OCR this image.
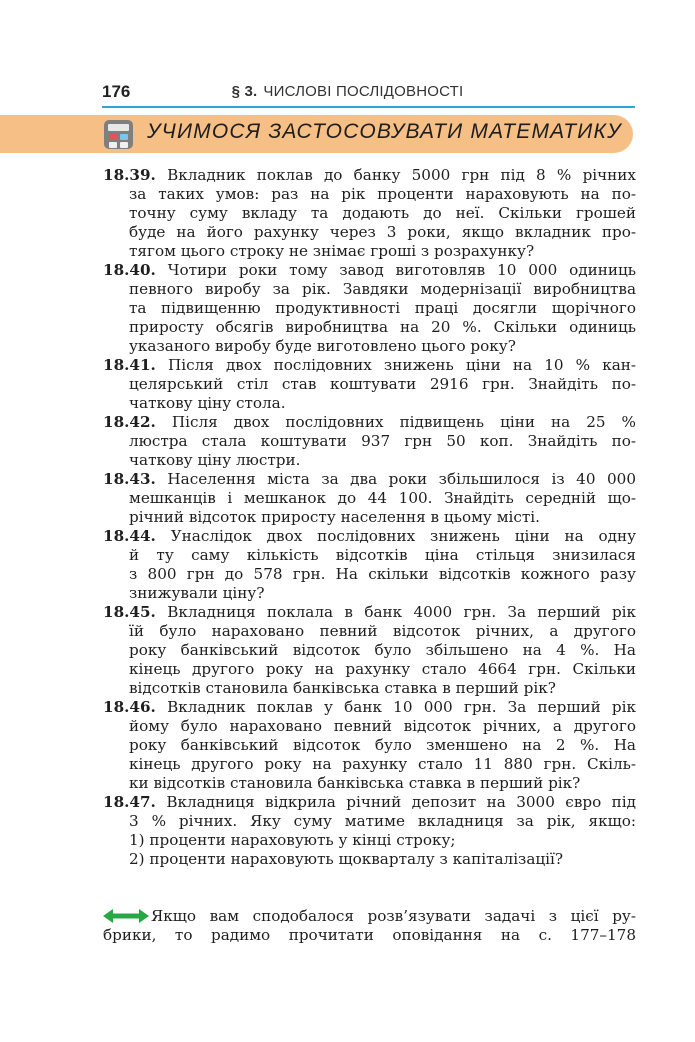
176	§ 3. ЧИСЛОВІ ПОСЛІДОВНОСТІ
УЧИМОСЯ ЗАСТОСОВУВАТИ МАТЕМАТИКУ
18.39. Вкладник поклав до банку 5000 грн під 8 % річних
за таких умов: раз на рік проценти нараховують на по-
точну суму вкладу та додають до неї. Скільки грошей
буде на його рахунку через 3 роки, якщо вкладник про-
тягом цього строку не знімає гроші з розрахунку?
18.40. Чотири роки тому завод виготовляв 10 000 одиниць
певного виробу за рік. Завдяки модернізації виробництва
та підвищенню продуктивності праці досягли щорічного
приросту обсягів виробництва на 20 %. Скільки одиниць
указаного виробу буде виготовлено цього року?
18.41. Після двох послідовних знижень ціни на 10 % кан-
целярський стіл став коштувати 2916 грн. Знайдіть по-
чаткову ціну стола.
18.42. Після двох послідовних підвищень ціни на 25 %
люстра стала коштувати 937 грн 50 коп. Знайдіть по-
чаткову ціну люстри.
18.43. Населення міста за два роки збільшилося із 40 000
мешканців і мешканок до 44 100. Знайдіть середній що-
річний відсоток приросту населення в цьому місті.
18.44. Унаслідок двох послідовних знижень ціни на одну
й ту саму кількість відсотків ціна стільця знизилася
з 800 грн до 578 грн. На скільки відсотків кожного разу
знижували ціну?
18.45. Вкладниця поклала в банк 4000 грн. За перший рік
їй було нараховано певний відсоток річних, а другого
року банківський відсоток було збільшено на 4 %. На
кінець другого року на рахунку стало 4664 грн. Скільки
відсотків становила банківська ставка в перший рік?
18.46. Вкладник поклав у банк 10 000 грн. За перший рік
йому було нараховано певний відсоток річних, а другого
року банківський відсоток було зменшено на 2 %. На
кінець другого року на рахунку стало 11 880 грн. Скіль-
ки відсотків становила банківська ставка в перший рік?
18.47. Вкладниця відкрила річний депозит на 3000 євро під
3 % річних. Яку суму матиме вкладниця за рік, якщо:
1) проценти нараховують у кінці строку;
2) проценти нараховують щокварталу з капіталізації?
Якщо вам сподобалося розв’язувати задачі з цієї ру-
брики, то радимо прочитати оповідання на с. 177–178
